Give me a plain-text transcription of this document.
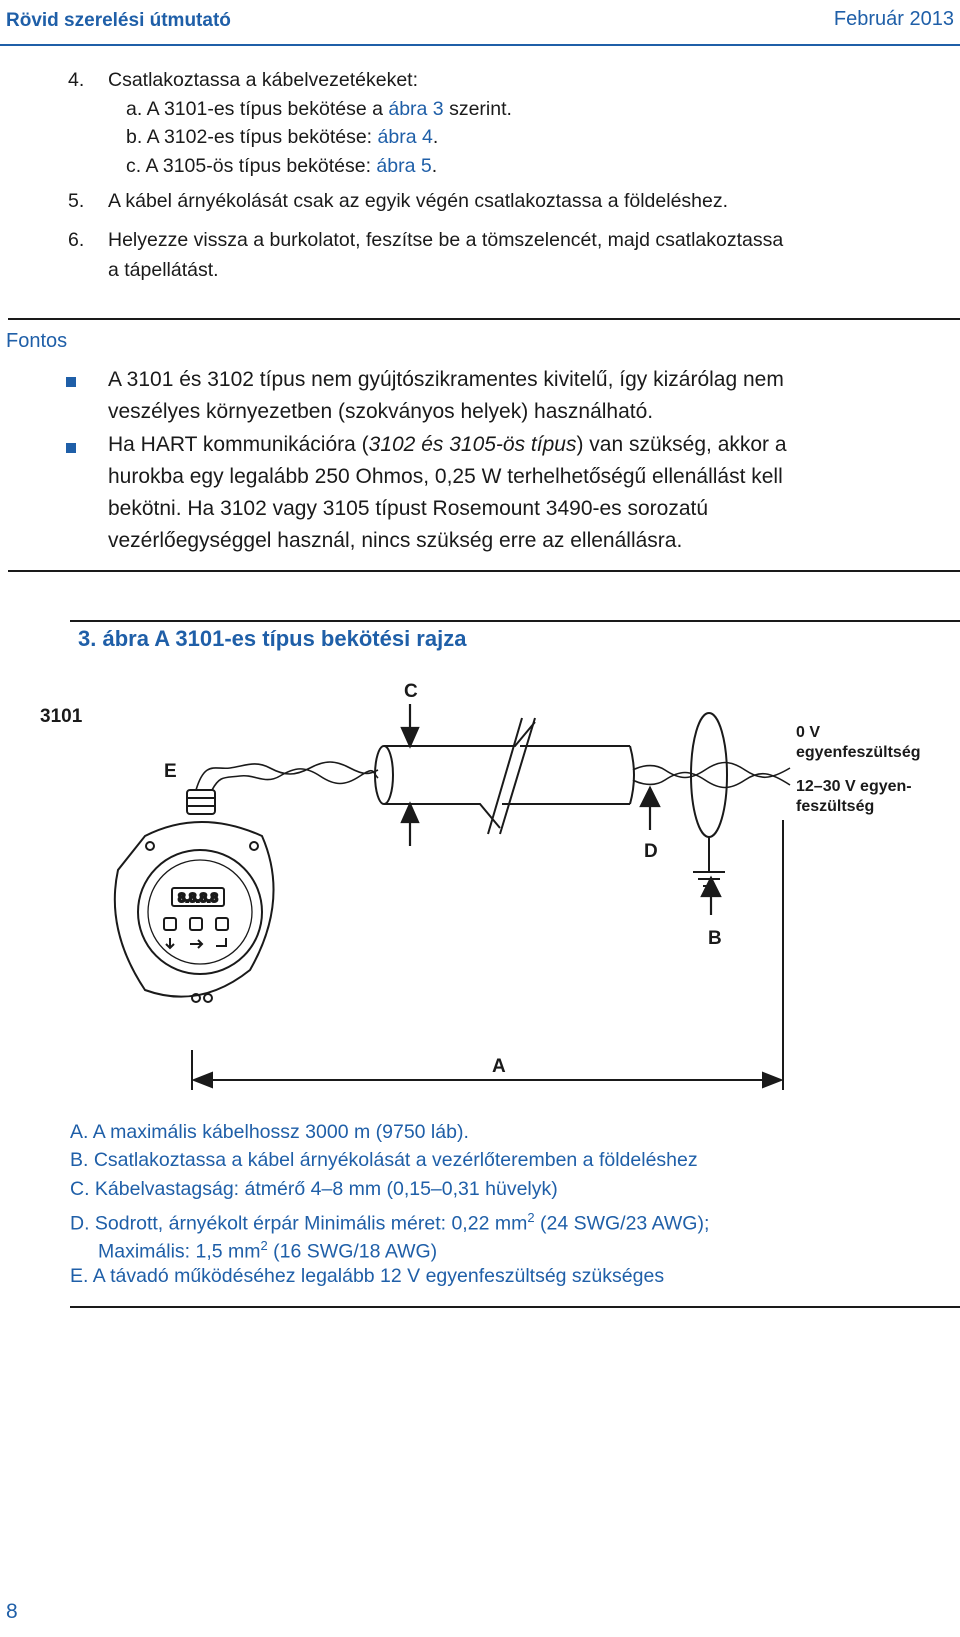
Rövid szerelési útmutató	Február 2013
4. Csatlakoztassa a kábelvezetékeket:
a. A 3101-es típus bekötése a ábra 3 szerint.
b. A 3102-es típus bekötése: ábra 4.
c. A 3105-ös típus bekötése: ábra 5.
5. A kábel árnyékolását csak az egyik végén csatlakoztassa a földeléshez.
6. Helyezze vissza a burkolatot, feszítse be a tömszelencét, majd csatlakoztassa
a tápellátást.
Fontos
A 3101 és 3102 típus nem gyújtószikramentes kivitelű, így kizárólag nem
veszélyes környezetben (szokványos helyek) használható.
Ha HART kommunikációra (3102 és 3105-ös típus) van szükség, akkor a
hurokba egy legalább 250 Ohmos, 0,25 W terhelhetőségű ellenállást kell
bekötni. Ha 3102 vagy 3105 típust Rosemount 3490-es sorozatú
vezérlőegységgel használ, nincs szükség erre az ellenállásra.
3. ábra A 3101-es típus bekötési rajza
3101
E
C
D
B
A
0 V
egyenfeszültség
12–30 V egyen-
feszültség
8.8.8.8
A. A maximális kábelhossz 3000 m (9750 láb).
B. Csatlakoztassa a kábel árnyékolását a vezérlőteremben a földeléshez
C. Kábelvastagság: átmérő 4–8 mm (0,15–0,31 hüvelyk)
D. Sodrott, árnyékolt érpár Minimális méret: 0,22 $mm^2$ (24 SWG/23 AWG);
Maximális: 1,5 $mm^2$ (16 SWG/18 AWG)
E. A távadó működéséhez legalább 12 V egyenfeszültség szükséges
8
